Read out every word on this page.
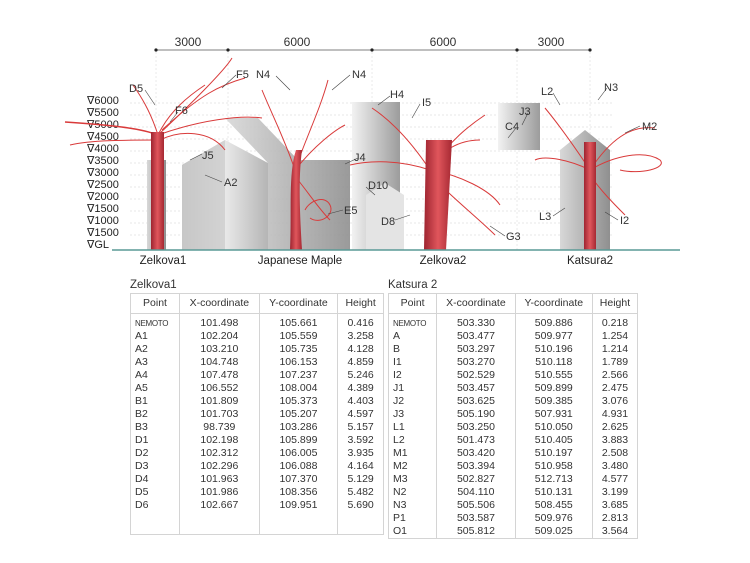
3000	6000	6000	3000
∇6000
∇5500
∇5000
∇4500
∇4000
∇3500
∇3000
∇2500
∇2000
∇1500
∇1000
∇1500
∇GL
D5
F5 N4	N4
H4
I5
J3
L2	N3
F6
C4	M2
J5
A2
J4
D10
E5
D8
G3
L3	I2
Zelkova1	Japanese Maple	Zelkova2	Katsura2
Zelkova1
Point	X-coordinate	Y-coordinate	Height
NEMOTO	101.498	105.661	0.416
A1	102.204	105.559	3.258
A2	103.210	105.735	4.128
A3	104.748	106.153	4.859
A4	107.478	107.237	5.246
A5	106.552	108.004	4.389
B1	101.809	105.373	4.403
B2	101.703	105.207	4.597
B3	98.739	103.286	5.157
D1	102.198	105.899	3.592
D2	102.312	106.005	3.935
D3	102.296	106.088	4.164
D4	101.963	107.370	5.129
D5	101.986	108.356	5.482
D6	102.667	109.951	5.690

Katsura 2
Point	X-coordinate	Y-coordinate	Height
NEMOTO	503.330	509.886	0.218
A	503.477	509.977	1.254
B	503.297	510.196	1.214
I1	503.270	510.118	1.789
I2	502.529	510.555	2.566
J1	503.457	509.899	2.475
J2	503.625	509.385	3.076
J3	505.190	507.931	4.931
L1	503.250	510.050	2.625
L2	501.473	510.405	3.883
M1	503.420	510.197	2.508
M2	503.394	510.958	3.480
M3	502.827	512.713	4.577
N2	504.110	510.131	3.199
N3	505.506	508.455	3.685
P1	503.587	509.976	2.813
O1	505.812	509.025	3.564
